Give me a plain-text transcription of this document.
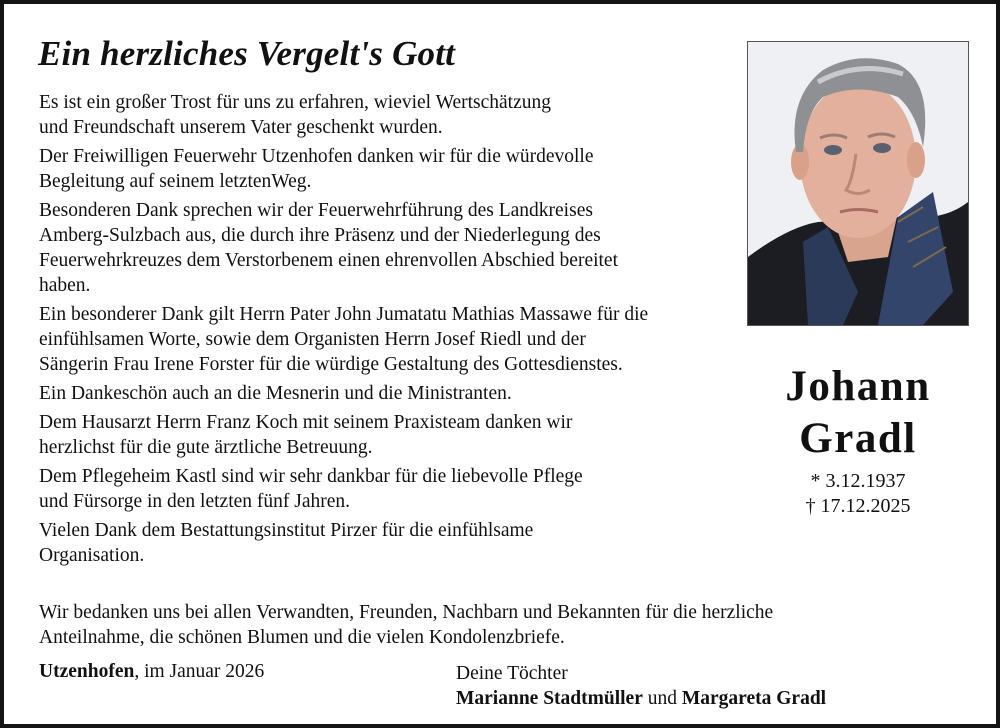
Ein herzliches Vergelt's Gott

Es ist ein großer Trost für uns zu erfahren, wieviel Wertschätzung
und Freundschaft unserem Vater geschenkt wurden.

Der Freiwilligen Feuerwehr Utzenhofen danken wir für die würdevolle
Begleitung auf seinem letztenWeg.

Besonderen Dank sprechen wir der Feuerwehrführung des Landkreises
Amberg-Sulzbach aus, die durch ihre Präsenz und der Niederlegung des
Feuerwehrkreuzes dem Verstorbenem einen ehrenvollen Abschied bereitet
haben.

Ein besonderer Dank gilt Herrn Pater John Jumatatu Mathias Massawe für die
einfühlsamen Worte, sowie dem Organisten Herrn Josef Riedl und der
Sängerin Frau Irene Forster für die würdige Gestaltung des Gottesdienstes.

Ein Dankeschön auch an die Mesnerin und die Ministranten.

Dem Hausarzt Herrn Franz Koch mit seinem Praxisteam danken wir
herzlichst für die gute ärztliche Betreuung.

Dem Pflegeheim Kastl sind wir sehr dankbar für die liebevolle Pflege
und Fürsorge in den letzten fünf Jahren.

Vielen Dank dem Bestattungsinstitut Pirzer für die einfühlsame
Organisation.

Wir bedanken uns bei allen Verwandten, Freunden, Nachbarn und Bekannten für die herzliche
Anteilnahme, die schönen Blumen und die vielen Kondolenzbriefe.
Utzenhofen, im Januar 2026	Deine Töchter
Marianne Stadtmüller und Margareta Gradl
Johann
Gradl
* 3.12.1937
† 17.12.2025
